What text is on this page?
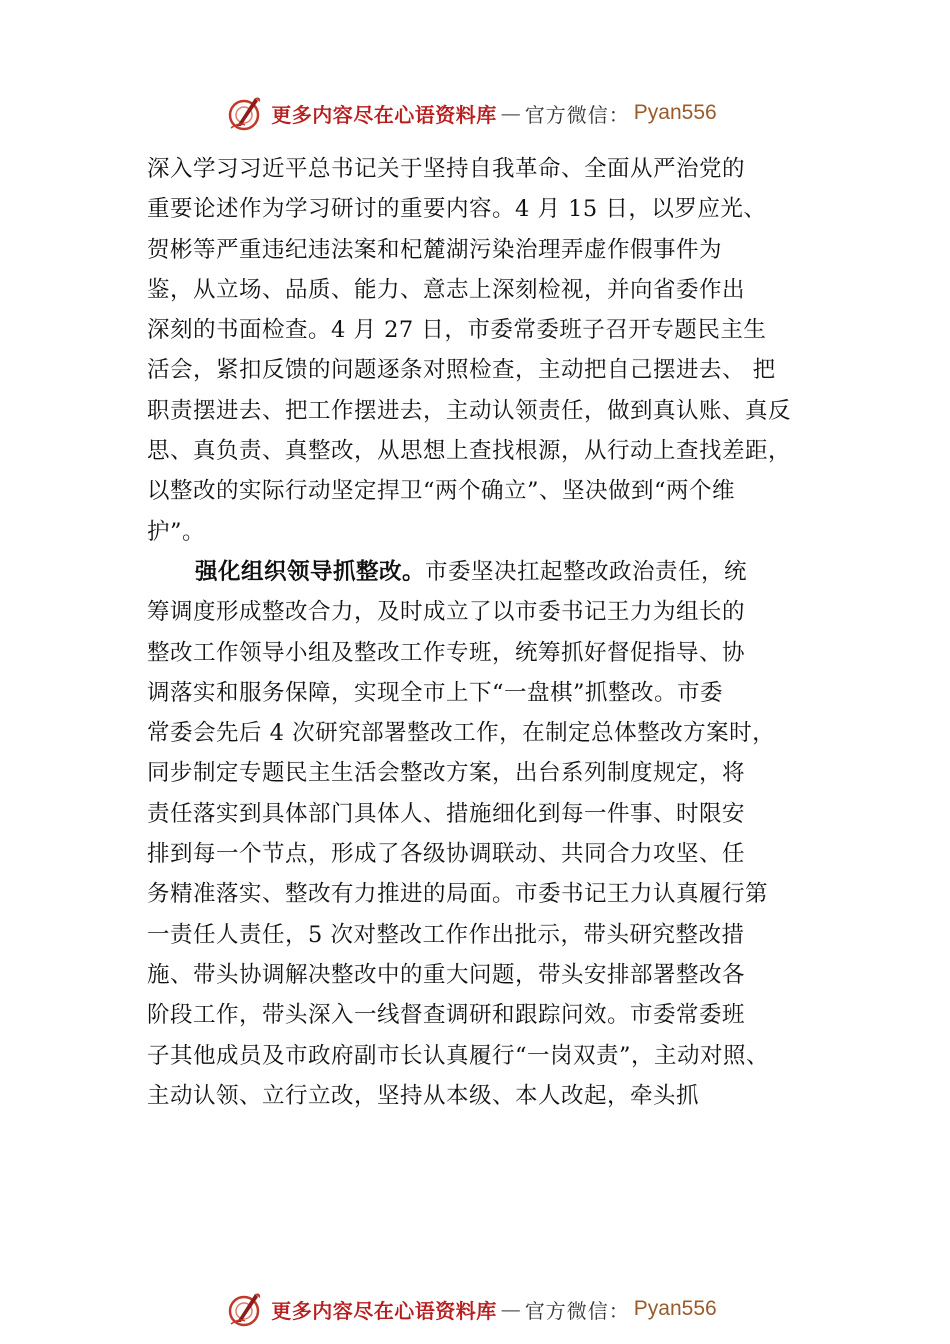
更多内容尽在心语资料库 — 官方微信： Pyan556
深入学习习近平总书记关于坚持自我革命、全面从严治党的
重要论述作为学习研讨的重要内容。4 月 15 日，以罗应光、
贺彬等严重违纪违法案和杞麓湖污染治理弄虚作假事件为
鉴，从立场、品质、能力、意志上深刻检视，并向省委作出
深刻的书面检查。4 月 27 日，市委常委班子召开专题民主生
活会，紧扣反馈的问题逐条对照检查，主动把自己摆进去、 把
职责摆进去、把工作摆进去，主动认领责任，做到真认账、真反
思、真负责、真整改，从思想上查找根源，从行动上查找差距，
以整改的实际行动坚定捍卫“两个确立”、坚决做到“两个维
护”。
强化组织领导抓整改。市委坚决扛起整改政治责任，统
筹调度形成整改合力，及时成立了以市委书记王力为组长的
整改工作领导小组及整改工作专班，统筹抓好督促指导、协
调落实和服务保障，实现全市上下“一盘棋”抓整改。市委
常委会先后 4 次研究部署整改工作，在制定总体整改方案时，
同步制定专题民主生活会整改方案，出台系列制度规定，将
责任落实到具体部门具体人、措施细化到每一件事、时限安
排到每一个节点，形成了各级协调联动、共同合力攻坚、任
务精准落实、整改有力推进的局面。市委书记王力认真履行第
一责任人责任，5 次对整改工作作出批示，带头研究整改措
施、带头协调解决整改中的重大问题，带头安排部署整改各
阶段工作，带头深入一线督查调研和跟踪问效。市委常委班
子其他成员及市政府副市长认真履行“一岗双责”，主动对照、
主动认领、立行立改，坚持从本级、本人改起，牵头抓
更多内容尽在心语资料库 — 官方微信： Pyan556
